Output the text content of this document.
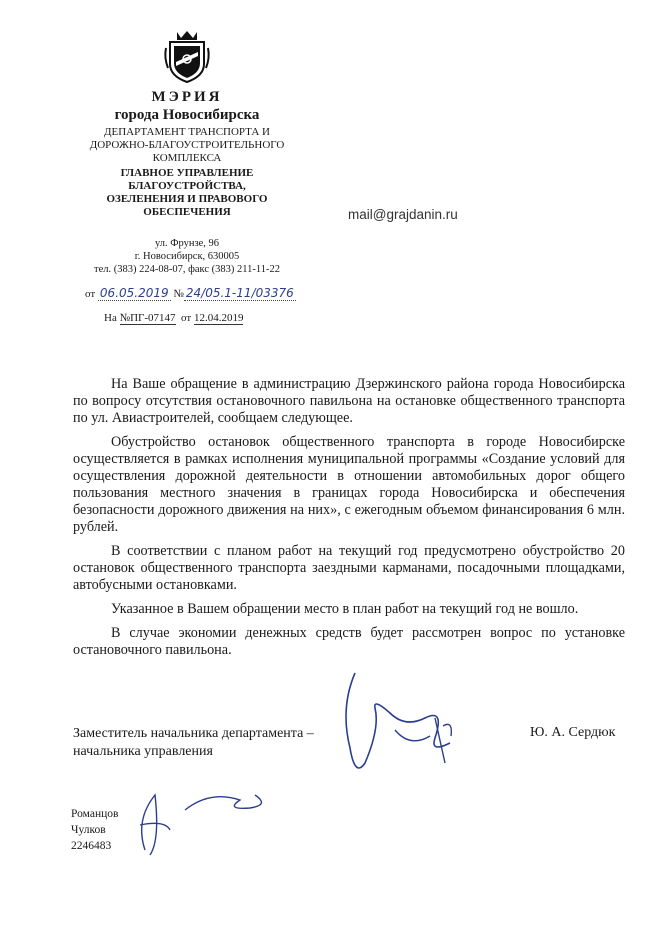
МЭРИЯ
города Новосибирска
ДЕПАРТАМЕНТ ТРАНСПОРТА И
ДОРОЖНО-БЛАГОУСТРОИТЕЛЬНОГО
КОМПЛЕКСА
ГЛАВНОЕ УПРАВЛЕНИЕ
БЛАГОУСТРОЙСТВА,
ОЗЕЛЕНЕНИЯ И ПРАВОВОГО
ОБЕСПЕЧЕНИЯ
ул. Фрунзе, 96
г. Новосибирск, 630005
тел. (383) 224-08-07, факс (383) 211-11-22
от 06.05.2019 № 24/05.1-11/03376
На №ПГ-07147 от 12.04.2019
mail@grajdanin.ru

На Ваше обращение в администрацию Дзержинского района города Новосибирска по вопросу отсутствия остановочного павильона на остановке общественного транспорта по ул. Авиастроителей, сообщаем следующее.

Обустройство остановок общественного транспорта в городе Новосибирске осуществляется в рамках исполнения муниципальной программы «Создание условий для осуществления дорожной деятельности в отношении автомобильных дорог общего пользования местного значения в границах города Новосибирска и обеспечения безопасности дорожного движения на них», с ежегодным объемом финансирования 6 млн. рублей.

В соответствии с планом работ на текущий год предусмотрено обустройство 20 остановок общественного транспорта заездными карманами, посадочными площадками, автобусными остановками.

Указанное в Вашем обращении место в план работ на текущий год не вошло.

В случае экономии денежных средств будет рассмотрен вопрос по установке остановочного павильона.

Заместитель начальника департамента –
начальника управления
Ю. А. Сердюк
Романцов
Чулков
2246483
